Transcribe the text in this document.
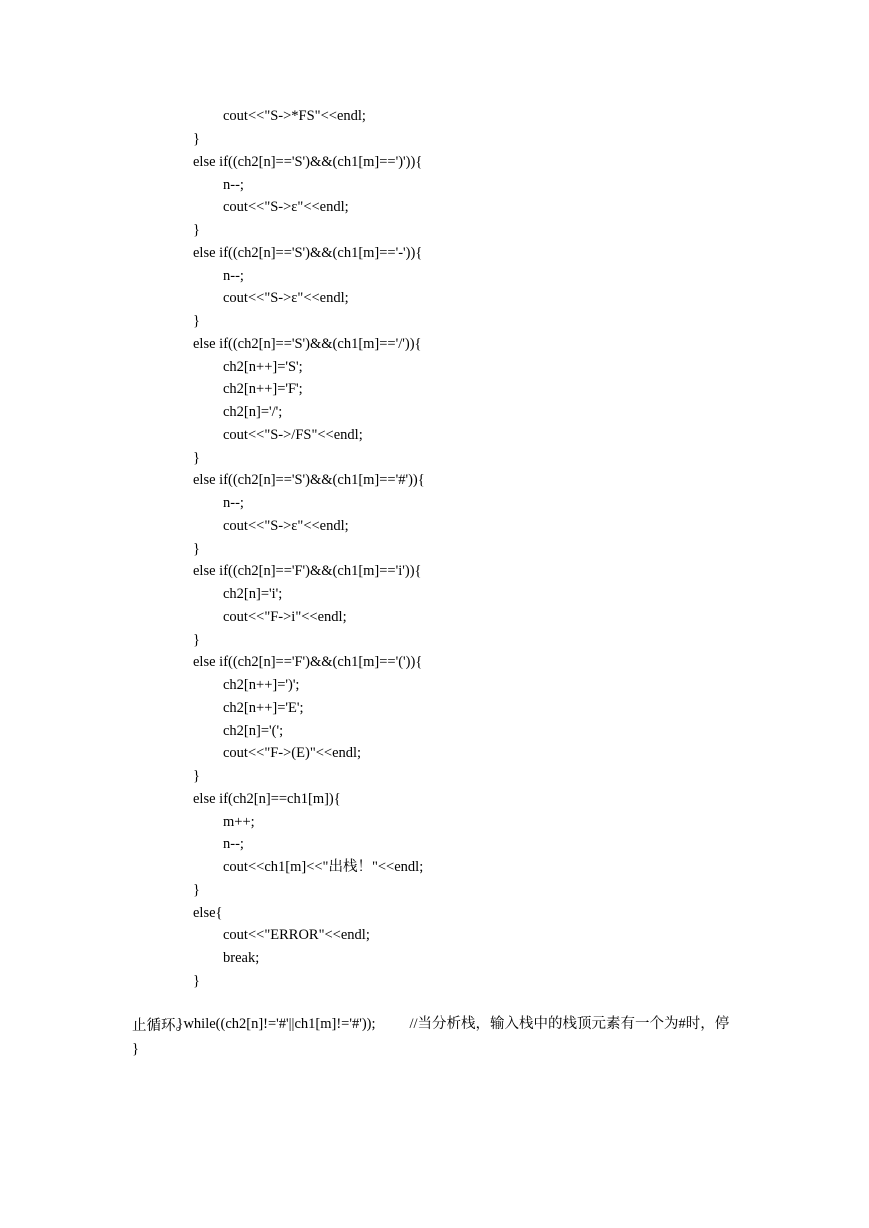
cout<<"S->*FS"<<endl;
}
else if((ch2[n]=='S')&&(ch1[m]==')')){
n--;
cout<<"S->ε"<<endl;
}
else if((ch2[n]=='S')&&(ch1[m]=='-')){
n--;
cout<<"S->ε"<<endl;
}
else if((ch2[n]=='S')&&(ch1[m]=='/')){
ch2[n++]='S';
ch2[n++]='F';
ch2[n]='/';
cout<<"S->/FS"<<endl;
}
else if((ch2[n]=='S')&&(ch1[m]=='#')){
n--;
cout<<"S->ε"<<endl;
}
else if((ch2[n]=='F')&&(ch1[m]=='i')){
ch2[n]='i';
cout<<"F->i"<<endl;
}
else if((ch2[n]=='F')&&(ch1[m]=='(')){
ch2[n++]=')';
ch2[n++]='E';
ch2[n]='(';
cout<<"F->(E)"<<endl;
}
else if(ch2[n]==ch1[m]){
m++;
n--;
cout<<ch1[m]<<"出栈！"<<endl;
}
else{
cout<<"ERROR"<<endl;
break;
}

}while((ch2[n]!='#'||ch1[m]!='#')); //当分析栈，输入栈中的栈顶元素有一个为#时，停

止循环。
}
